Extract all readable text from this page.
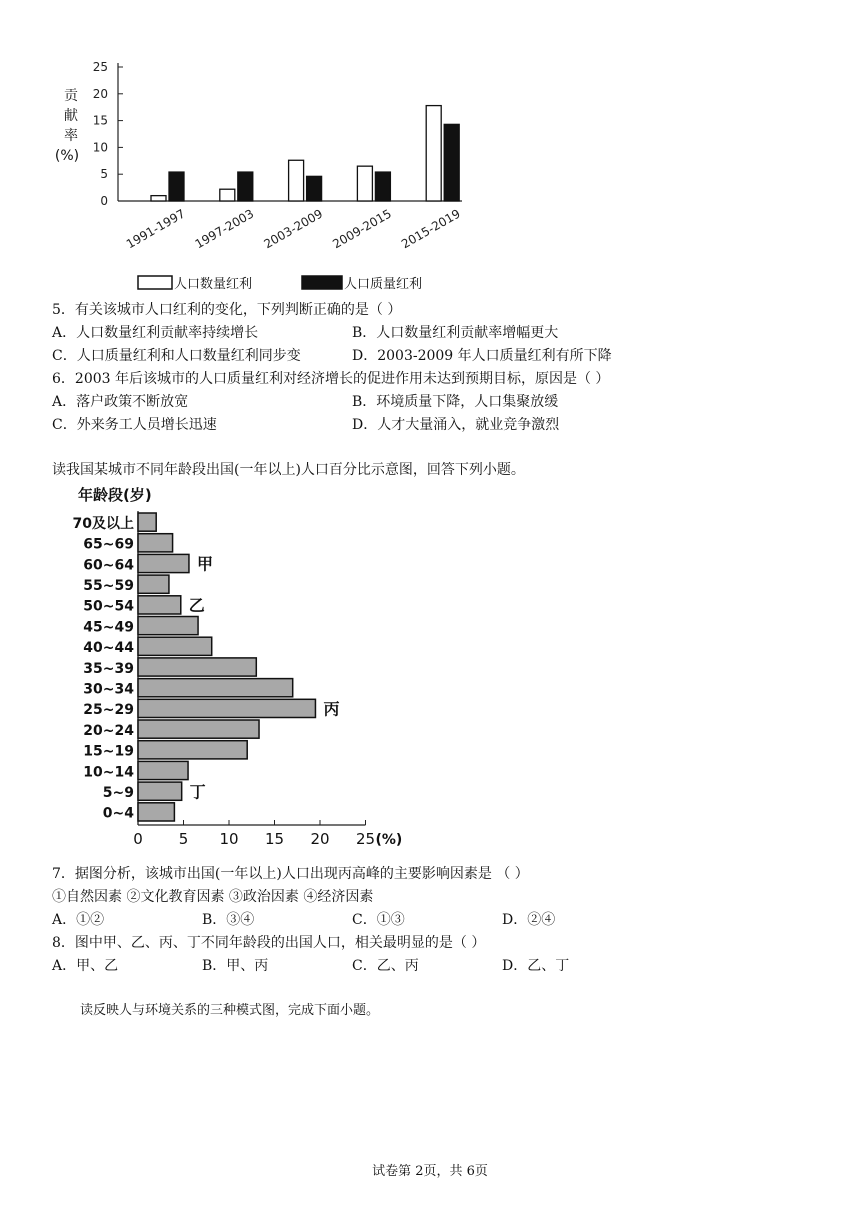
0
5
10
15
20
25
1991-1997 1997-2003 2003-2009 2009-2015 2015-2019
人口数量红利	人口质量红利
贡
献
率
(%)
5．有关该城市人口红利的变化，下列判断正确的是（ ）
A．人口数量红利贡献率持续增长	B．人口数量红利贡献率增幅更大
C．人口质量红利和人口数量红利同步变	D．2003-2009 年人口质量红利有所下降
6．2003 年后该城市的人口质量红利对经济增长的促进作用未达到预期目标，原因是（ ）
A．落户政策不断放宽	B．环境质量下降，人口集聚放缓
C．外来务工人员增长迅速	D．人才大量涌入，就业竞争激烈
读我国某城市不同年龄段出国(一年以上)人口百分比示意图，回答下列小题。
年龄段(岁)
0 5 10 15 20 25 (%)
70及以上
65~69
60~64	甲
55~59
50~54	乙
45~49
40~44
35~39
30~34
25~29	丙
20~24
15~19
10~14
5~9	丁
0~4
7．据图分析，该城市出国(一年以上)人口出现丙高峰的主要影响因素是 （ ）
①自然因素 ②文化教育因素 ③政治因素 ④经济因素
A．①②	B．③④	C．①③	D．②④
8．图中甲、乙、丙、丁不同年龄段的出国人口，相关最明显的是（ ）
A．甲、乙	B．甲、丙	C．乙、丙	D．乙、丁
读反映人与环境关系的三种模式图，完成下面小题。
试卷第 2页，共 6页
